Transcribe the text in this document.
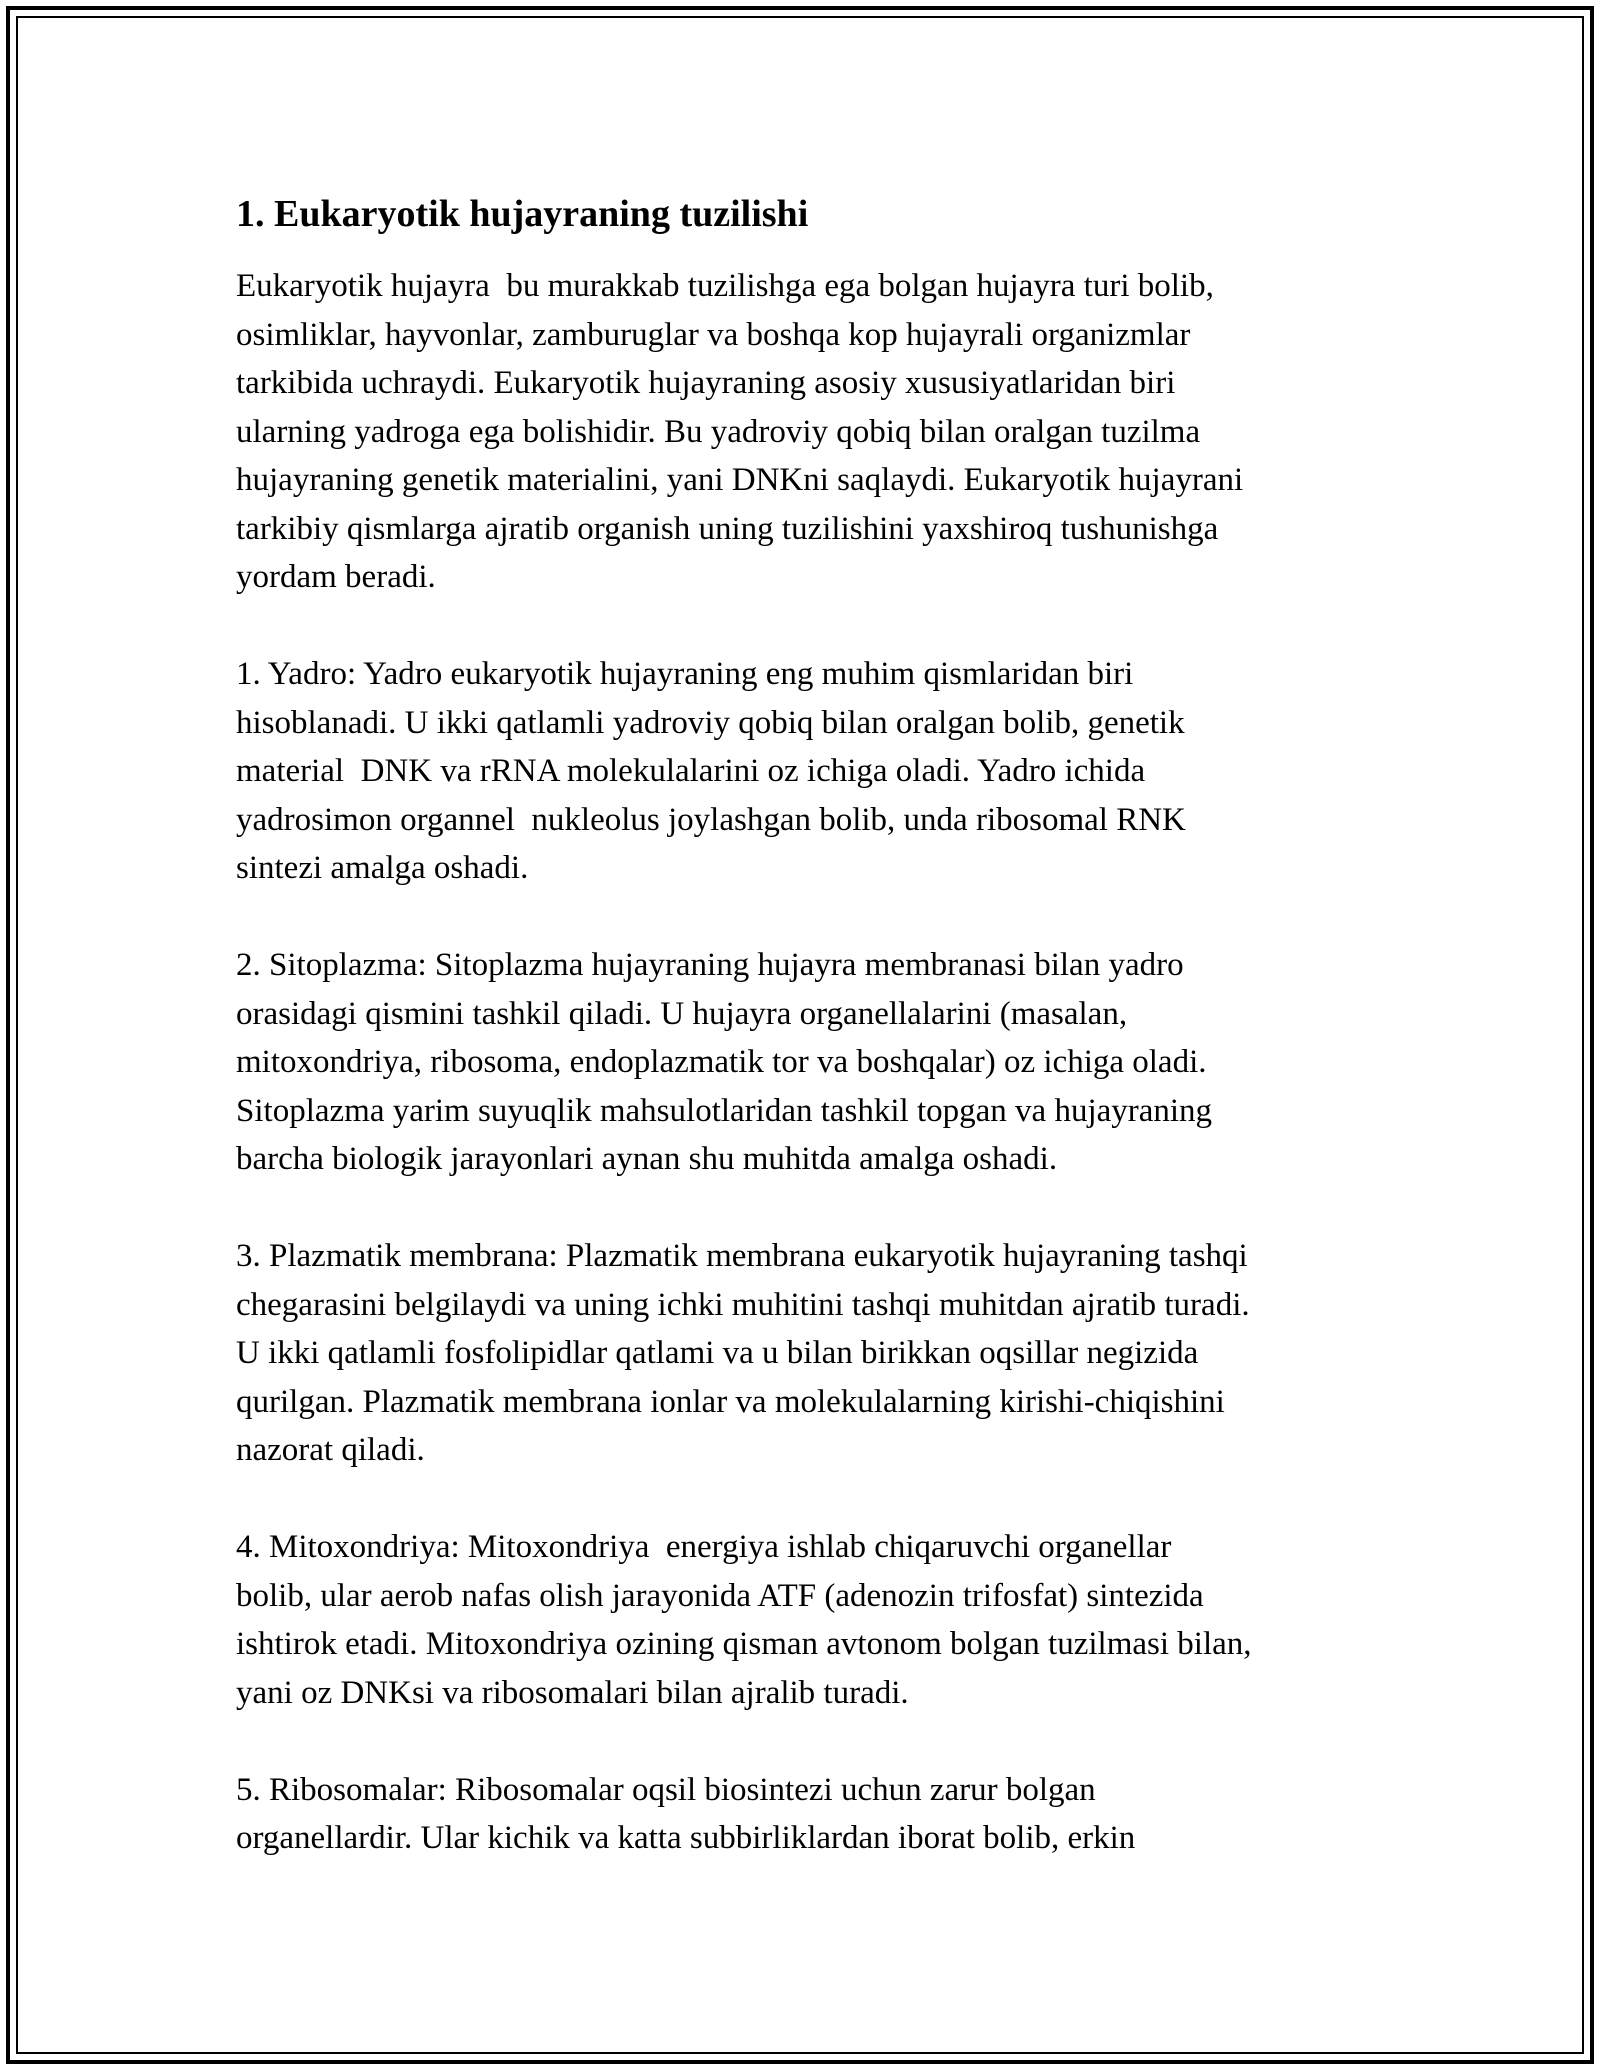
1. Eukaryotik hujayraning tuzilishi

Eukaryotik hujayra  bu murakkab tuzilishga ega bolgan hujayra turi bolib,
osimliklar, hayvonlar, zamburuglar va boshqa kop hujayrali organizmlar
tarkibida uchraydi. Eukaryotik hujayraning asosiy xususiyatlaridan biri
ularning yadroga ega bolishidir. Bu yadroviy qobiq bilan oralgan tuzilma
hujayraning genetik materialini, yani DNKni saqlaydi. Eukaryotik hujayrani
tarkibiy qismlarga ajratib organish uning tuzilishini yaxshiroq tushunishga
yordam beradi.

1. Yadro: Yadro eukaryotik hujayraning eng muhim qismlaridan biri
hisoblanadi. U ikki qatlamli yadroviy qobiq bilan oralgan bolib, genetik
material  DNK va rRNA molekulalarini oz ichiga oladi. Yadro ichida
yadrosimon organnel  nukleolus joylashgan bolib, unda ribosomal RNK
sintezi amalga oshadi.

2. Sitoplazma: Sitoplazma hujayraning hujayra membranasi bilan yadro
orasidagi qismini tashkil qiladi. U hujayra organellalarini (masalan,
mitoxondriya, ribosoma, endoplazmatik tor va boshqalar) oz ichiga oladi.
Sitoplazma yarim suyuqlik mahsulotlaridan tashkil topgan va hujayraning
barcha biologik jarayonlari aynan shu muhitda amalga oshadi.

3. Plazmatik membrana: Plazmatik membrana eukaryotik hujayraning tashqi
chegarasini belgilaydi va uning ichki muhitini tashqi muhitdan ajratib turadi.
U ikki qatlamli fosfolipidlar qatlami va u bilan birikkan oqsillar negizida
qurilgan. Plazmatik membrana ionlar va molekulalarning kirishi-chiqishini
nazorat qiladi.

4. Mitoxondriya: Mitoxondriya  energiya ishlab chiqaruvchi organellar
bolib, ular aerob nafas olish jarayonida ATF (adenozin trifosfat) sintezida
ishtirok etadi. Mitoxondriya ozining qisman avtonom bolgan tuzilmasi bilan,
yani oz DNKsi va ribosomalari bilan ajralib turadi.

5. Ribosomalar: Ribosomalar oqsil biosintezi uchun zarur bolgan
organellardir. Ular kichik va katta subbirliklardan iborat bolib, erkin
